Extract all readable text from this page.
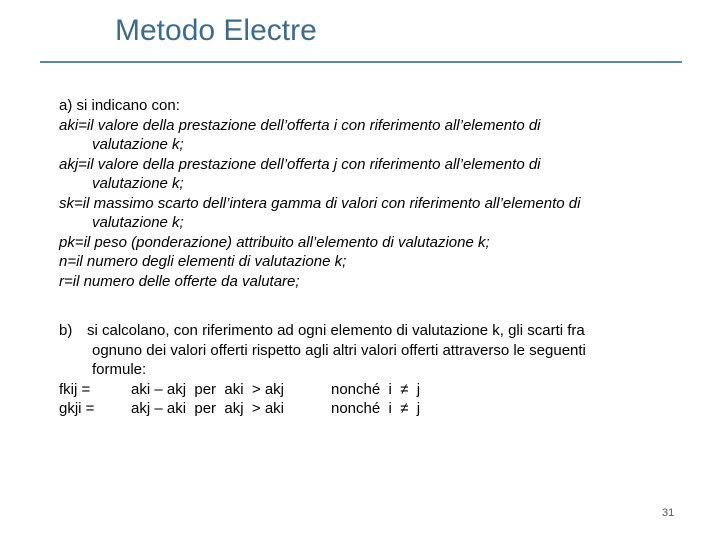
Metodo Electre
a) si indicano con:
aki=il valore della prestazione dell’offerta i con riferimento all’elemento di
valutazione k;
akj=il valore della prestazione dell’offerta j con riferimento all’elemento di
valutazione k;
sk=il massimo scarto dell’intera gamma di valori con riferimento all’elemento di
valutazione k;
pk=il peso (ponderazione) attribuito all’elemento di valutazione k;
n=il numero degli elementi di valutazione k;
r=il numero delle offerte da valutare;
b) si calcolano, con riferimento ad ogni elemento di valutazione k, gli scarti fra
ognuno dei valori offerti rispetto agli altri valori offerti attraverso le seguenti
formule:
fkij =	aki – akj  per  aki  > akj	nonché  i  ≠  j
gkji = akj – aki  per  akj  > aki	nonché  i  ≠  j
31
